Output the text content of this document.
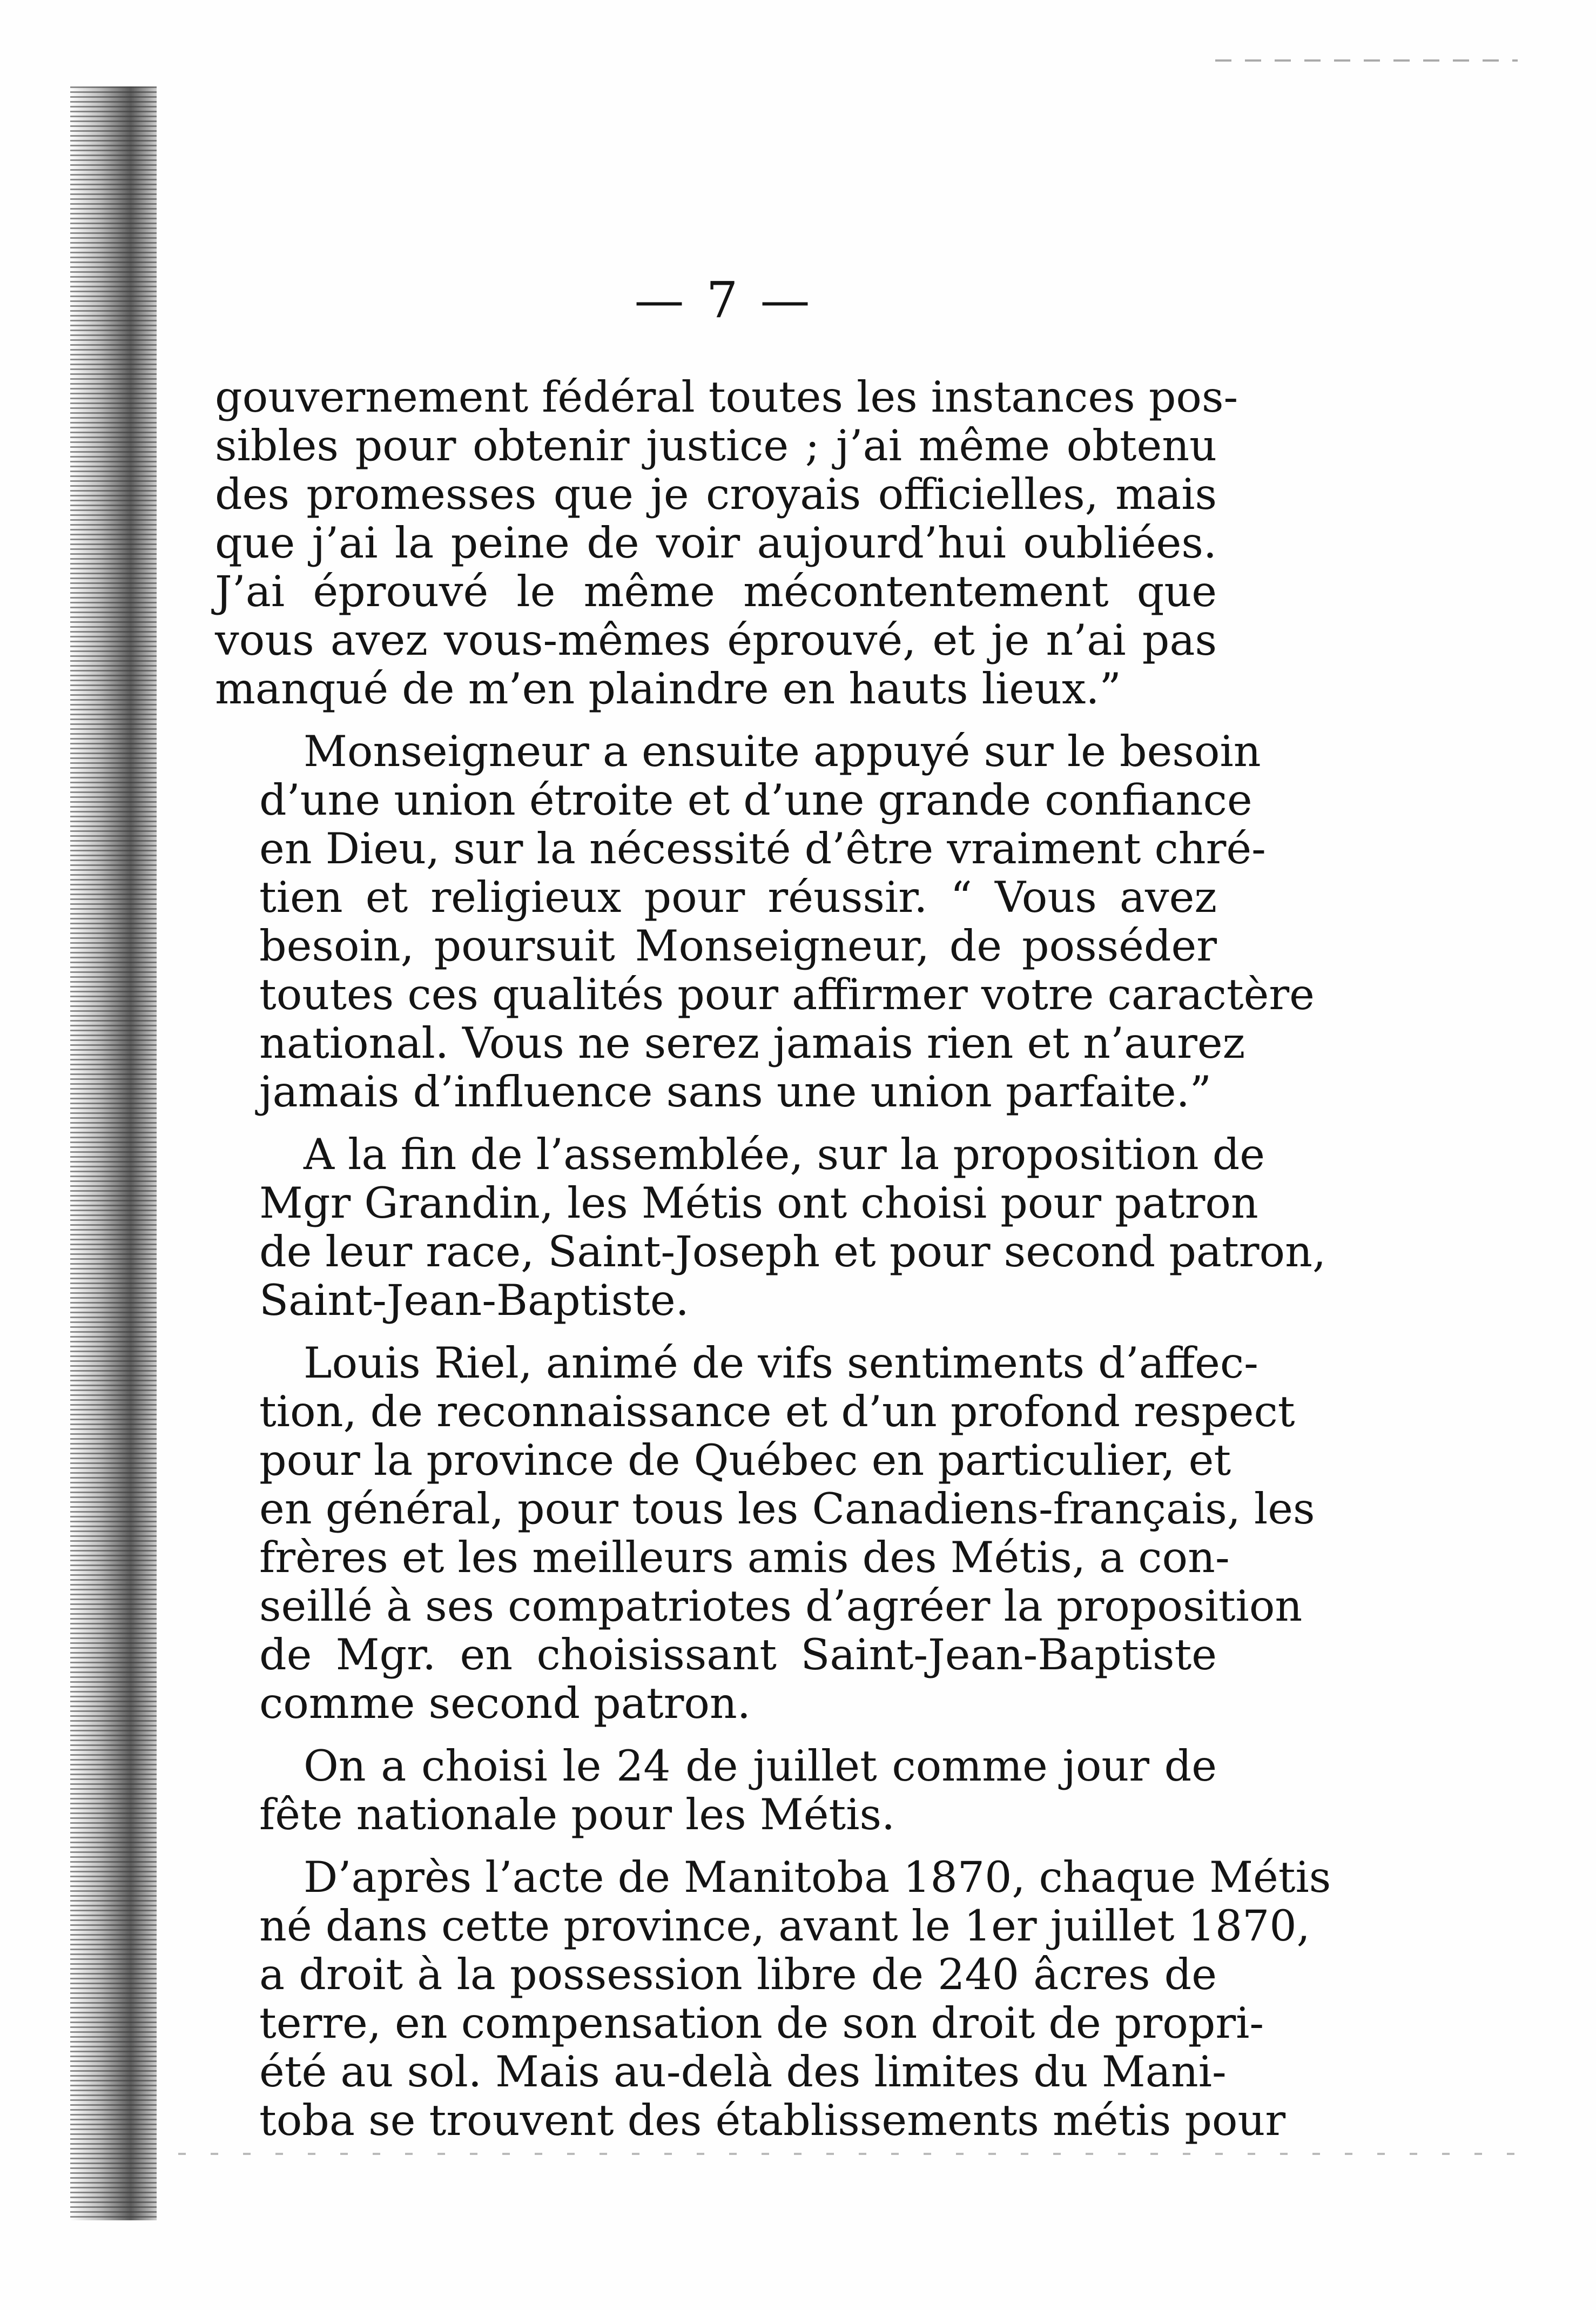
— 7 —
gouvernement fédéral toutes les instances pos-
sibles pour obtenir justice ; j’ai même obtenu
des promesses que je croyais officielles, mais
que j’ai la peine de voir aujourd’hui oubliées.
J’ai éprouvé le même mécontentement que
vous avez vous-mêmes éprouvé, et je n’ai pas
manqué de m’en plaindre en hauts lieux.”
Monseigneur a ensuite appuyé sur le besoin
d’une union étroite et d’une grande confiance
en Dieu, sur la nécessité d’être vraiment chré-
tien et religieux pour réussir. “ Vous avez
besoin, poursuit Monseigneur, de posséder
toutes ces qualités pour affirmer votre caractère
national. Vous ne serez jamais rien et n’aurez
jamais d’influence sans une union parfaite.”
A la fin de l’assemblée, sur la proposition de
Mgr Grandin, les Métis ont choisi pour patron
de leur race, Saint-Joseph et pour second patron,
Saint-Jean-Baptiste.
Louis Riel, animé de vifs sentiments d’affec-
tion, de reconnaissance et d’un profond respect
pour la province de Québec en particulier, et
en général, pour tous les Canadiens-français, les
frères et les meilleurs amis des Métis, a con-
seillé à ses compatriotes d’agréer la proposition
de Mgr. en choisissant Saint-Jean-Baptiste
comme second patron.
On a choisi le 24 de juillet comme jour de
fête nationale pour les Métis.
D’après l’acte de Manitoba 1870, chaque Métis
né dans cette province, avant le 1er juillet 1870,
a droit à la possession libre de 240 âcres de
terre, en compensation de son droit de propri-
été au sol. Mais au-delà des limites du Mani-
toba se trouvent des établissements métis pour
